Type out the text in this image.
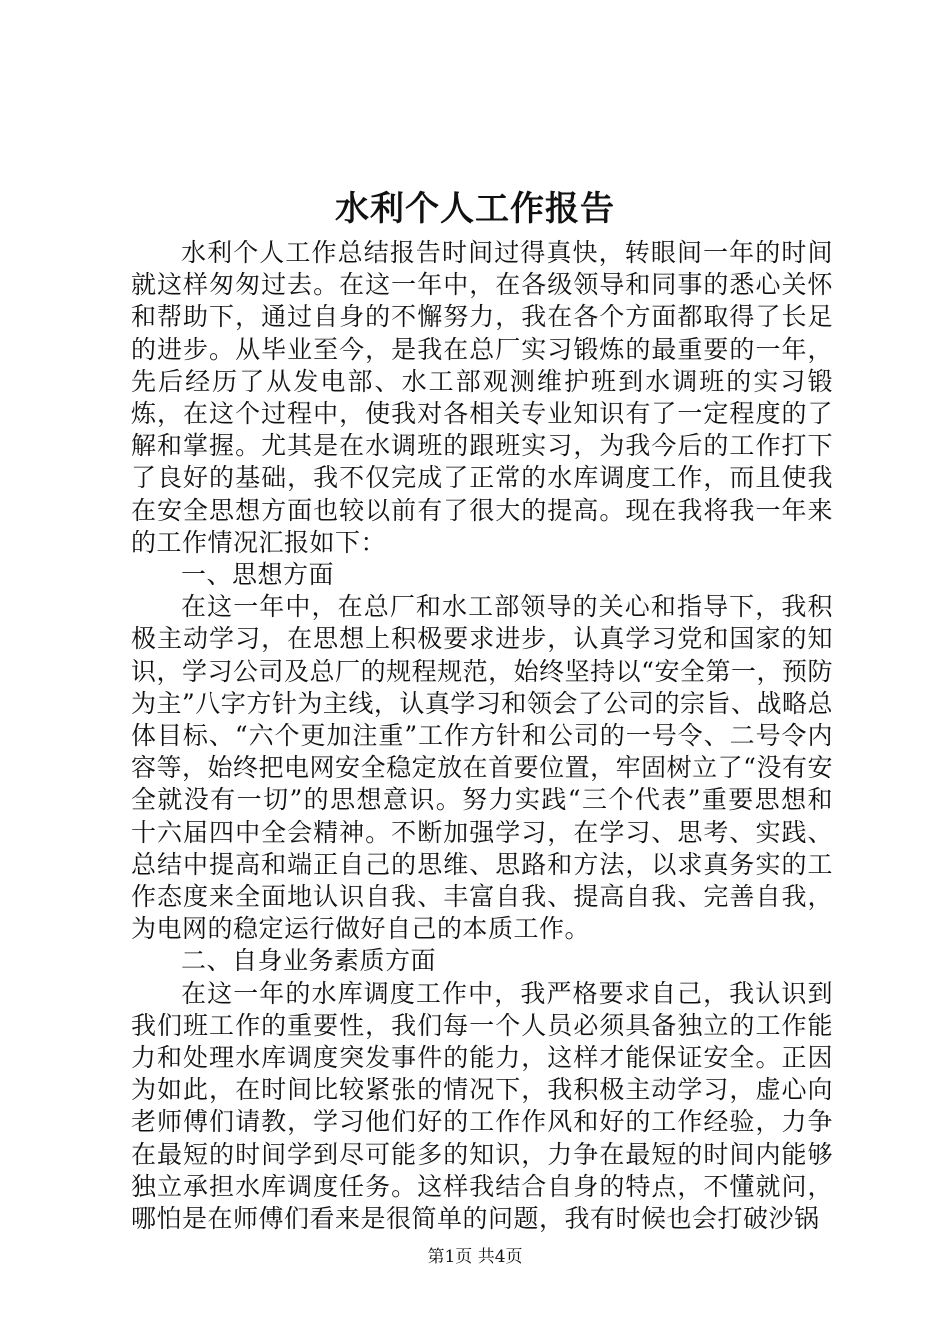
水利个人工作报告

水利个人工作总结报告时间过得真快，转眼间一年的时间就这样匆匆过去。在这一年中，在各级领导和同事的悉心关怀和帮助下，通过自身的不懈努力，我在各个方面都取得了长足的进步。从毕业至今，是我在总厂实习锻炼的最重要的一年，先后经历了从发电部、水工部观测维护班到水调班的实习锻炼，在这个过程中，使我对各相关专业知识有了一定程度的了解和掌握。尤其是在水调班的跟班实习，为我今后的工作打下了良好的基础，我不仅完成了正常的水库调度工作，而且使我在安全思想方面也较以前有了很大的提高。现在我将我一年来的工作情况汇报如下：

一、思想方面

在这一年中，在总厂和水工部领导的关心和指导下，我积极主动学习，在思想上积极要求进步，认真学习党和国家的知识，学习公司及总厂的规程规范，始终坚持以“安全第一，预防为主”八字方针为主线，认真学习和领会了公司的宗旨、战略总体目标、“六个更加注重”工作方针和公司的一号令、二号令内容等，始终把电网安全稳定放在首要位置，牢固树立了“没有安全就没有一切”的思想意识。努力实践“三个代表”重要思想和十六届四中全会精神。不断加强学习，在学习、思考、实践、总结中提高和端正自己的思维、思路和方法，以求真务实的工作态度来全面地认识自我、丰富自我、提高自我、完善自我，为电网的稳定运行做好自己的本质工作。

二、自身业务素质方面

在这一年的水库调度工作中，我严格要求自己，我认识到我们班工作的重要性，我们每一个人员必须具备独立的工作能力和处理水库调度突发事件的能力，这样才能保证安全。正因为如此，在时间比较紧张的情况下，我积极主动学习，虚心向老师傅们请教，学习他们好的工作作风和好的工作经验，力争在最短的时间学到尽可能多的知识，力争在最短的时间内能够独立承担水库调度任务。这样我结合自身的特点，不懂就问，哪怕是在师傅们看来是很简单的问题，我有时候也会打破沙锅

第1页 共4页
